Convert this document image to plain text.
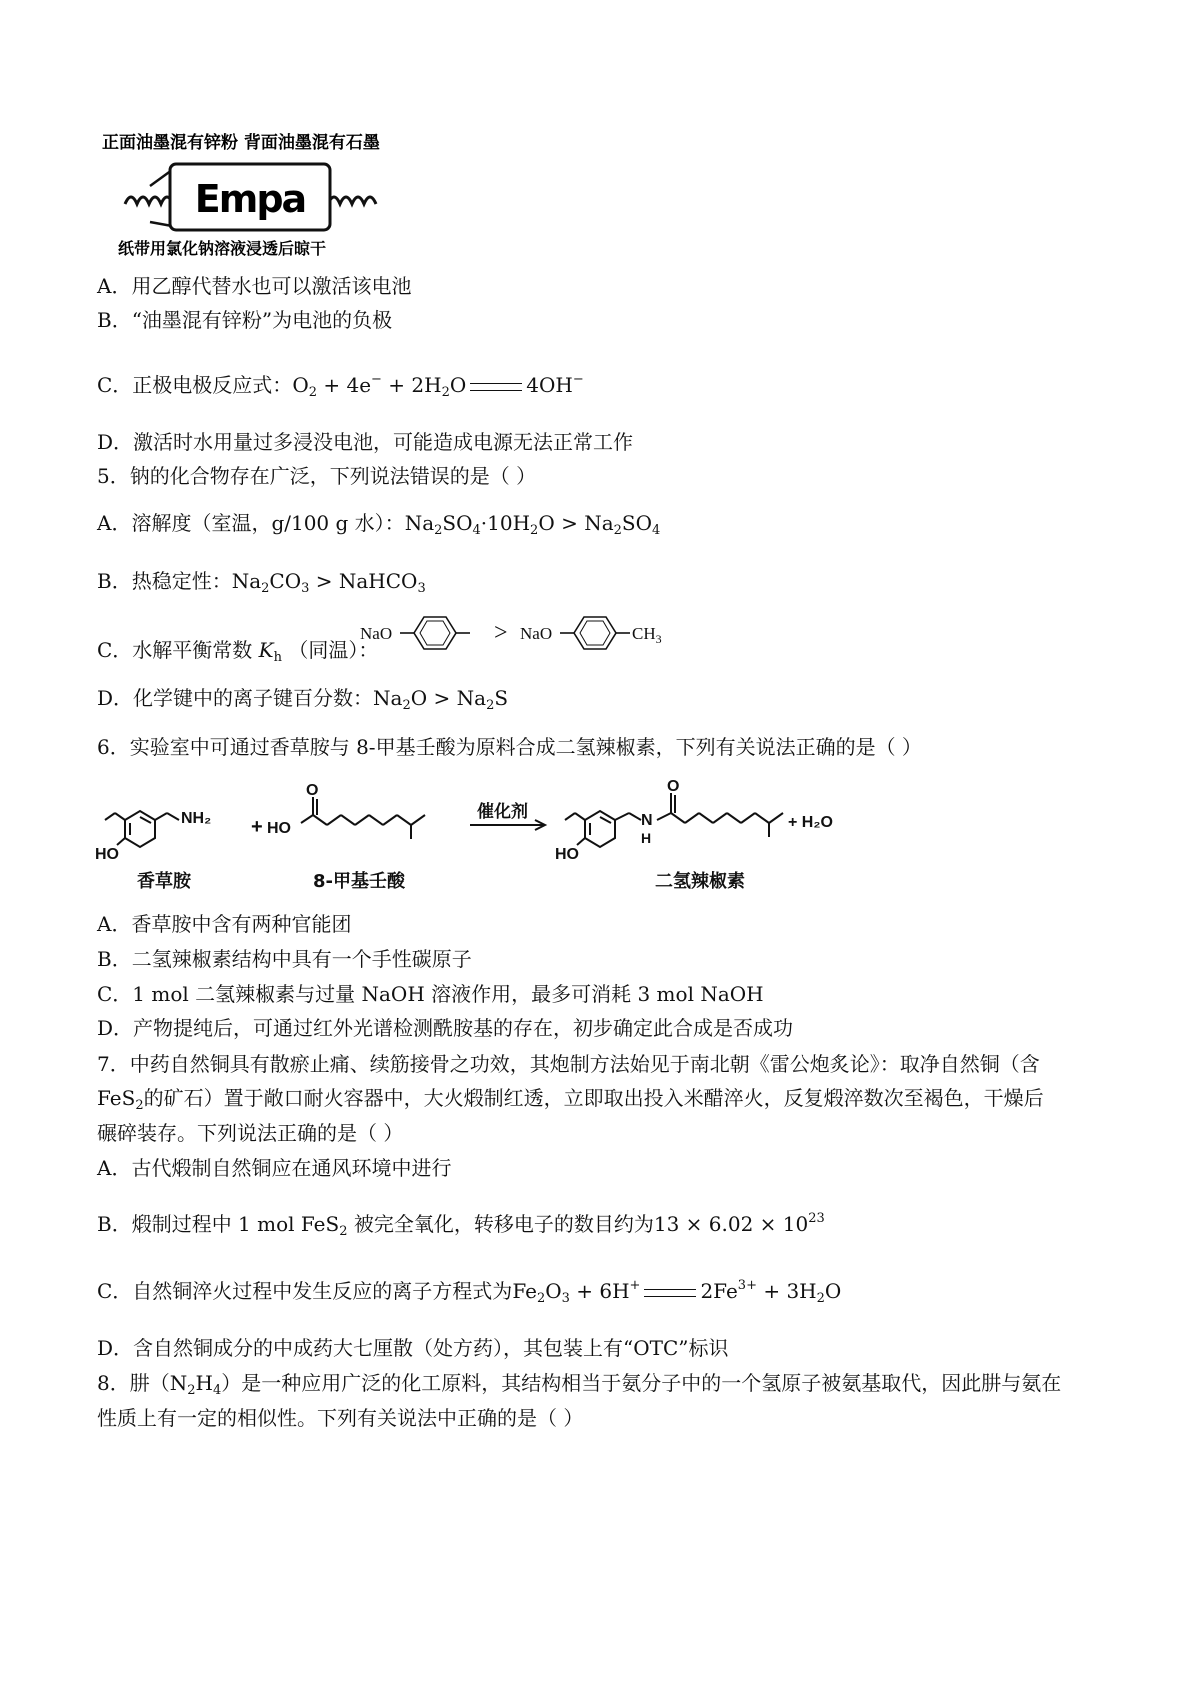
正面油墨混有锌粉 背面油墨混有石墨
Empa
纸带用氯化钠溶液浸透后晾干
A．用乙醇代替水也可以激活该电池
B．“油墨混有锌粉”为电池的负极
C．正极电极反应式：$O_2 + 4e^- + 2H_2O$	4OH−
D．激活时水用量过多浸没电池，可能造成电源无法正常工作
5．钠的化合物存在广泛，下列说法错误的是（ ）
A．溶解度（室温，g/100 g 水）：$Na_2SO_4\cdot 10H_2O > Na_2SO_4$
B．热稳定性：$Na_2CO_3$ > NaHCO$_3$
C．水解平衡常数 $K_h$ （同温）：
NaO	> NaO	$CH_3$
D．化学键中的离子键百分数：$Na_2O > Na_2S$
6．实验室中可通过香草胺与 8-甲基壬酸为原料合成二氢辣椒素，下列有关说法正确的是（ ）
HO
NH₂
HO
O
HO
N
H
O
+ H₂O
+
催化剂
香草胺	8-甲基壬酸	二氢辣椒素
A．香草胺中含有两种官能团
B．二氢辣椒素结构中具有一个手性碳原子
C．1 mol 二氢辣椒素与过量 NaOH 溶液作用，最多可消耗 3 mol NaOH
D．产物提纯后，可通过红外光谱检测酰胺基的存在，初步确定此合成是否成功
7．中药自然铜具有散瘀止痛、续筋接骨之功效，其炮制方法始见于南北朝《雷公炮炙论》：取净自然铜（含
FeS$_2$的矿石）置于敞口耐火容器中，大火煅制红透，立即取出投入米醋淬火，反复煅淬数次至褐色，干燥后
碾碎装存。下列说法正确的是（ ）
A．古代煅制自然铜应在通风环境中进行
B．煅制过程中 1 mol FeS$_2$ 被完全氧化，转移电子的数目约为$13 \times 6.02 \times 10^{23}$
C．自然铜淬火过程中发生反应的离子方程式为$Fe_2O_3 + 6H^+$	$2Fe^{3+} + 3H_2O$
D．含自然铜成分的中成药大七厘散（处方药），其包装上有“OTC”标识
8．肼$(N_2H_4)$是一种应用广泛的化工原料，其结构相当于氨分子中的一个氢原子被氨基取代，因此肼与氨在
性质上有一定的相似性。下列有关说法中正确的是（ ）
